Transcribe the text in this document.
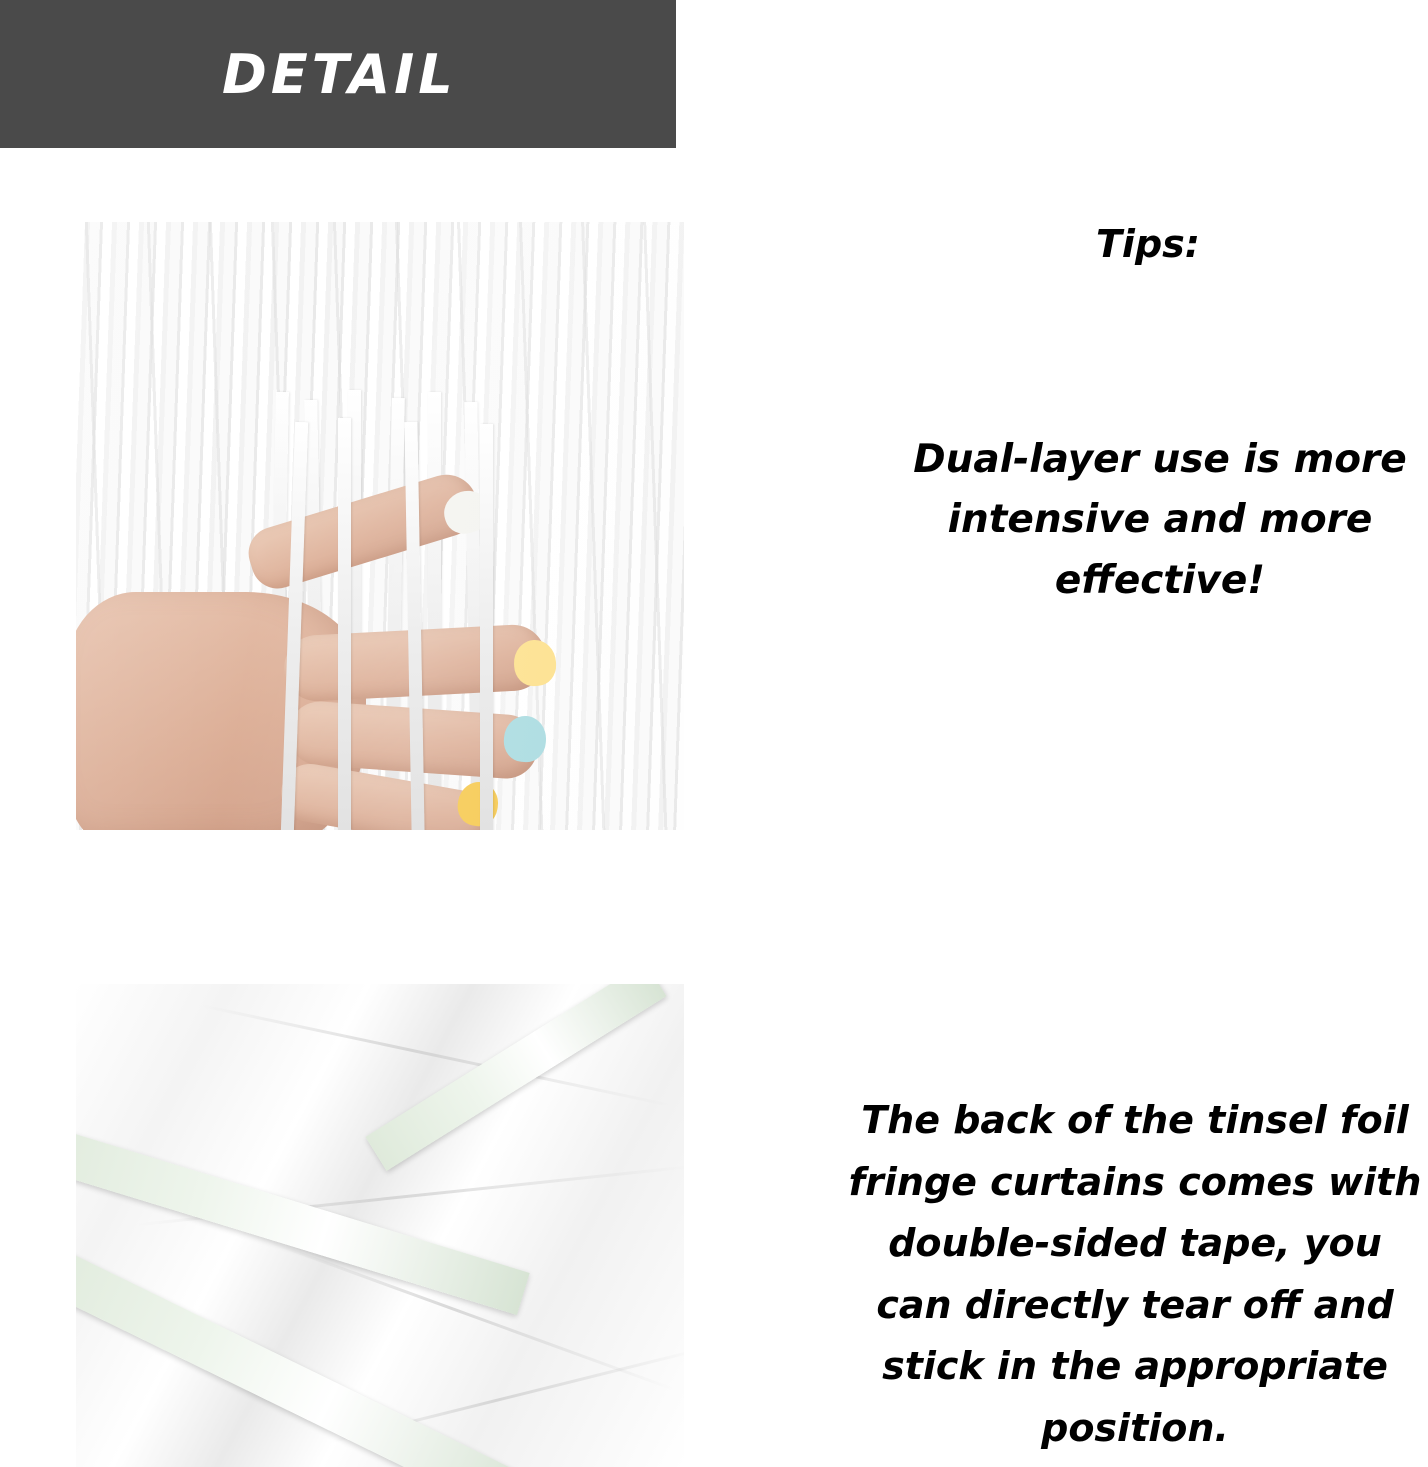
DETAIL
Tips:
Dual-layer use is more intensive and more effective!
The back of the tinsel foil fringe curtains comes with double-sided tape, you can directly tear off and stick in the appropriate position.
